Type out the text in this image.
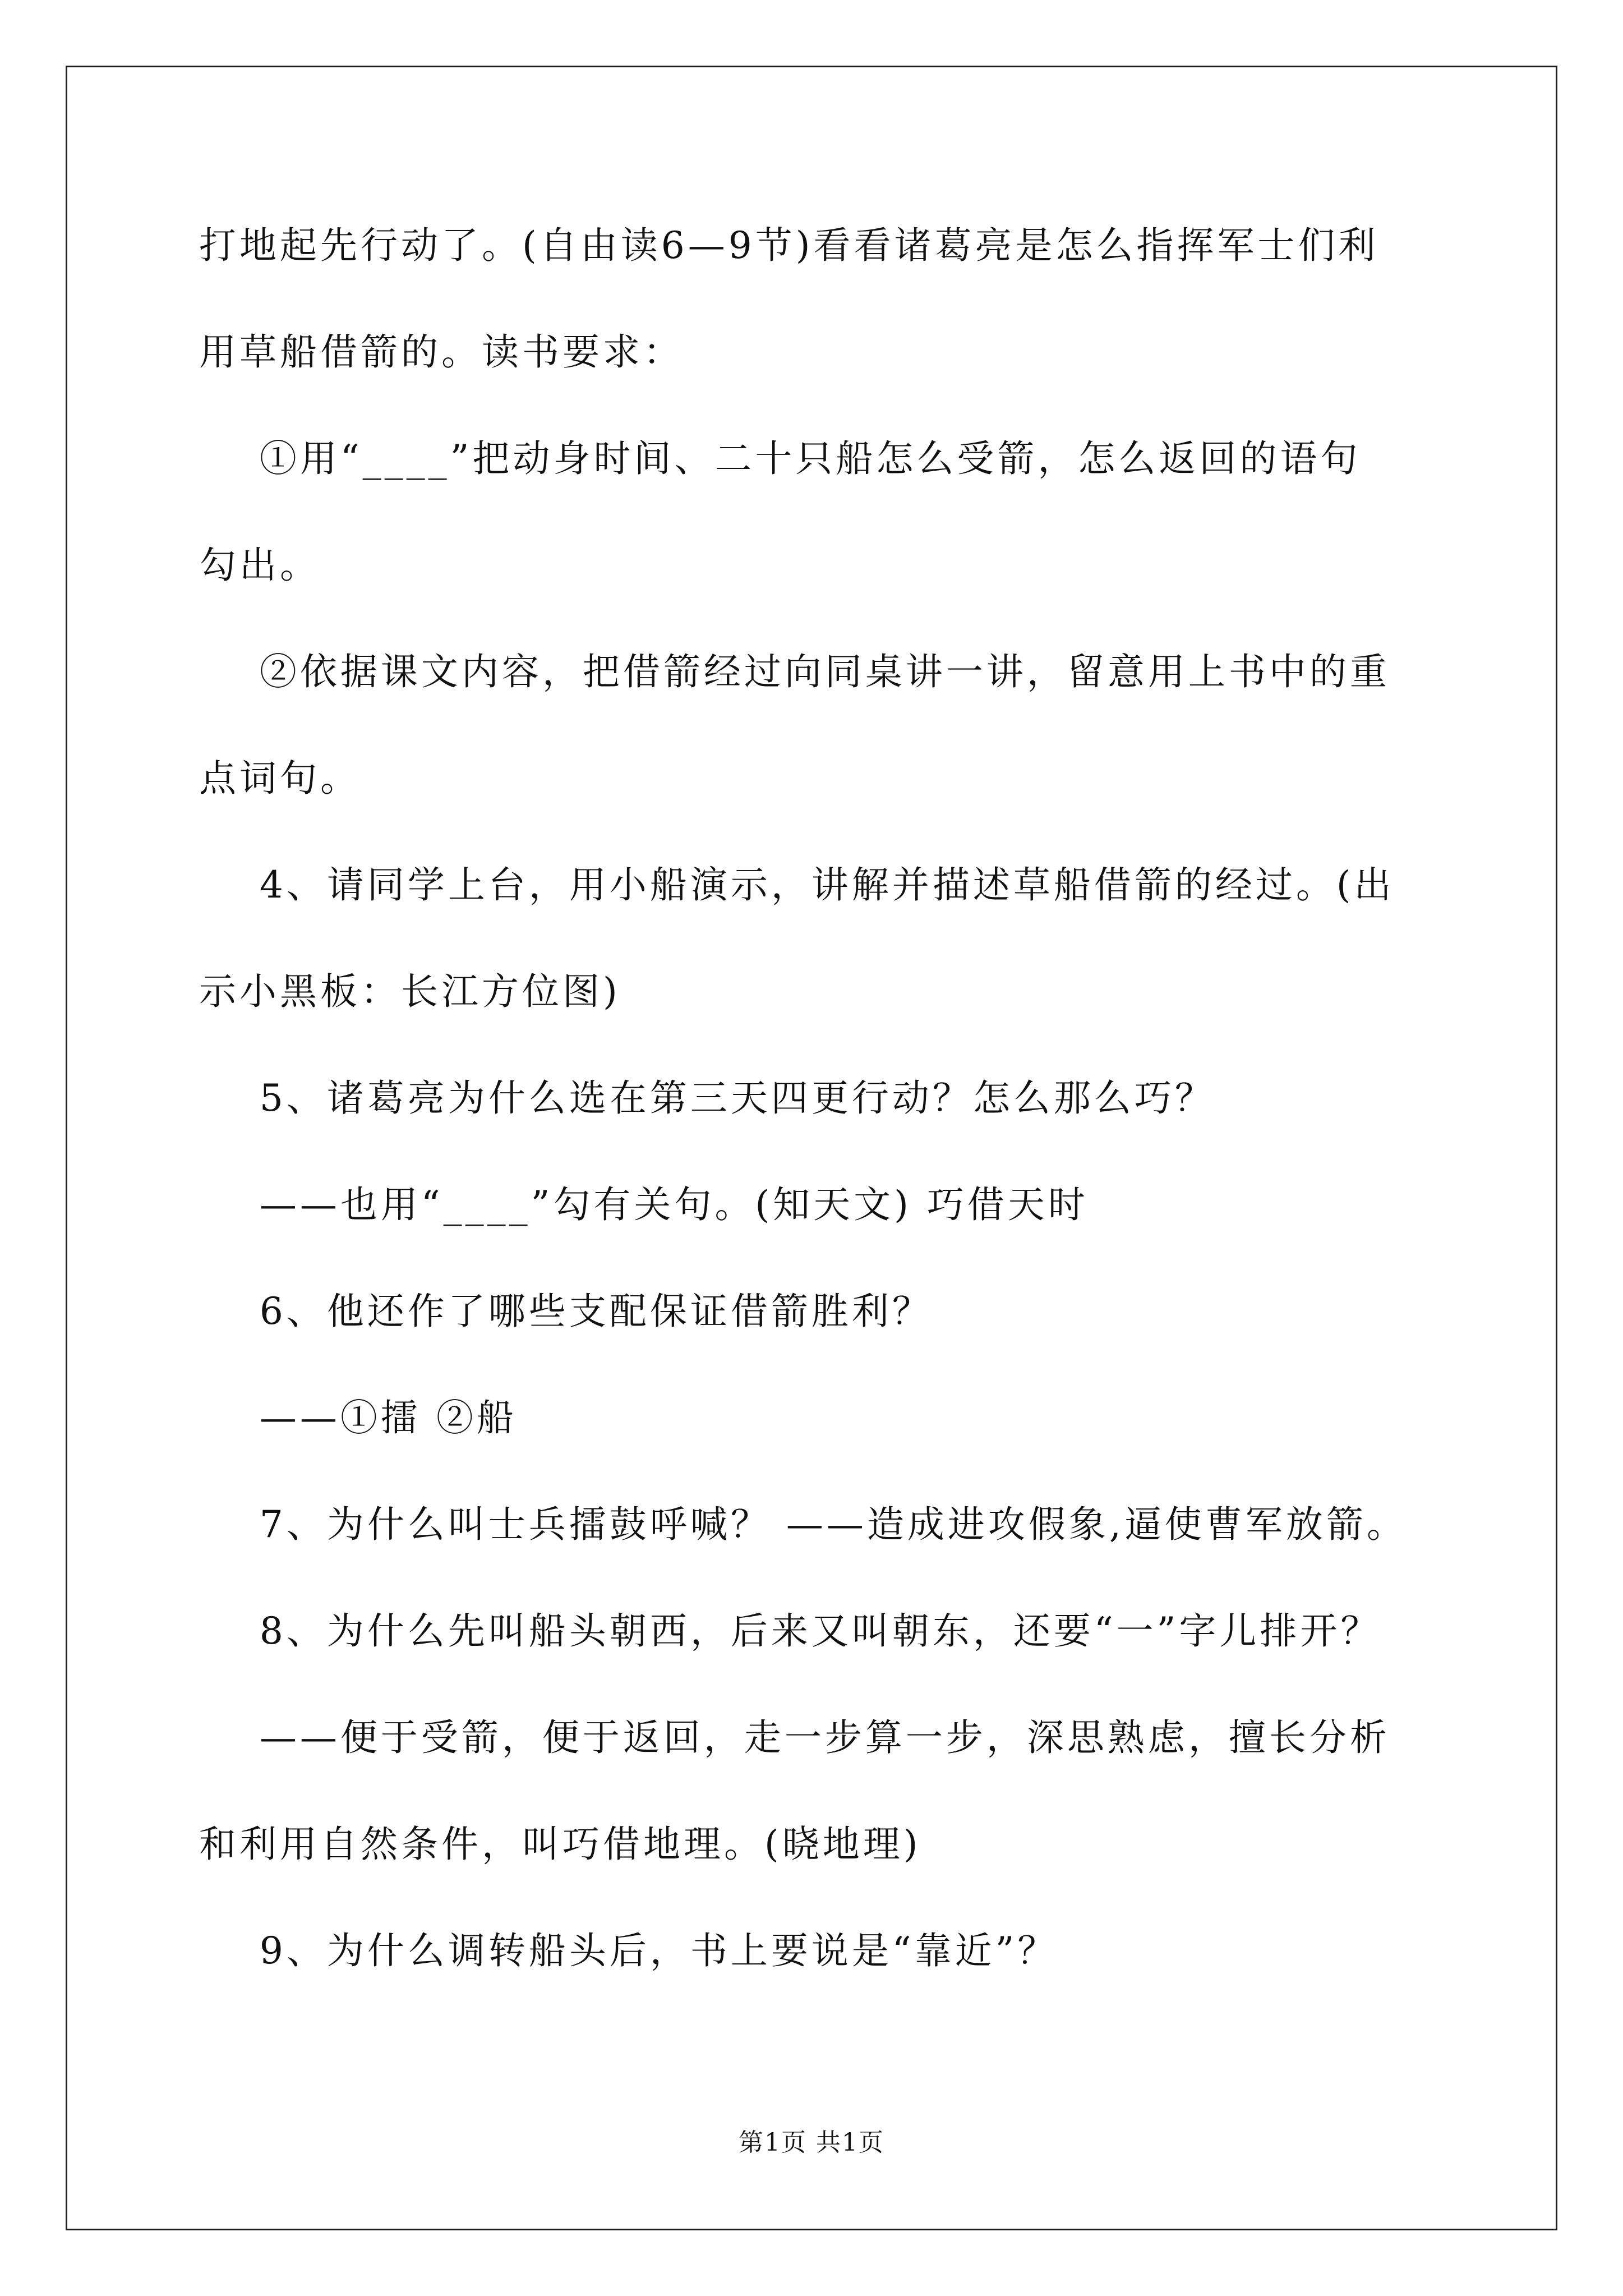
打地起先行动了。(自由读6—9节)看看诸葛亮是怎么指挥军士们利
用草船借箭的。读书要求：
①用“____”把动身时间、二十只船怎么受箭，怎么返回的语句
勾出。
②依据课文内容，把借箭经过向同桌讲一讲，留意用上书中的重
点词句。
4、请同学上台，用小船演示，讲解并描述草船借箭的经过。(出
示小黑板：长江方位图)
5、诸葛亮为什么选在第三天四更行动？怎么那么巧？
——也用“____”勾有关句。(知天文) 巧借天时
6、他还作了哪些支配保证借箭胜利？
——①擂 ②船
7、为什么叫士兵擂鼓呼喊？ ——造成进攻假象,逼使曹军放箭。
8、为什么先叫船头朝西，后来又叫朝东，还要“一”字儿排开？
——便于受箭，便于返回，走一步算一步，深思熟虑，擅长分析
和利用自然条件，叫巧借地理。(晓地理)
9、为什么调转船头后，书上要说是“靠近”？
第1页 共1页
